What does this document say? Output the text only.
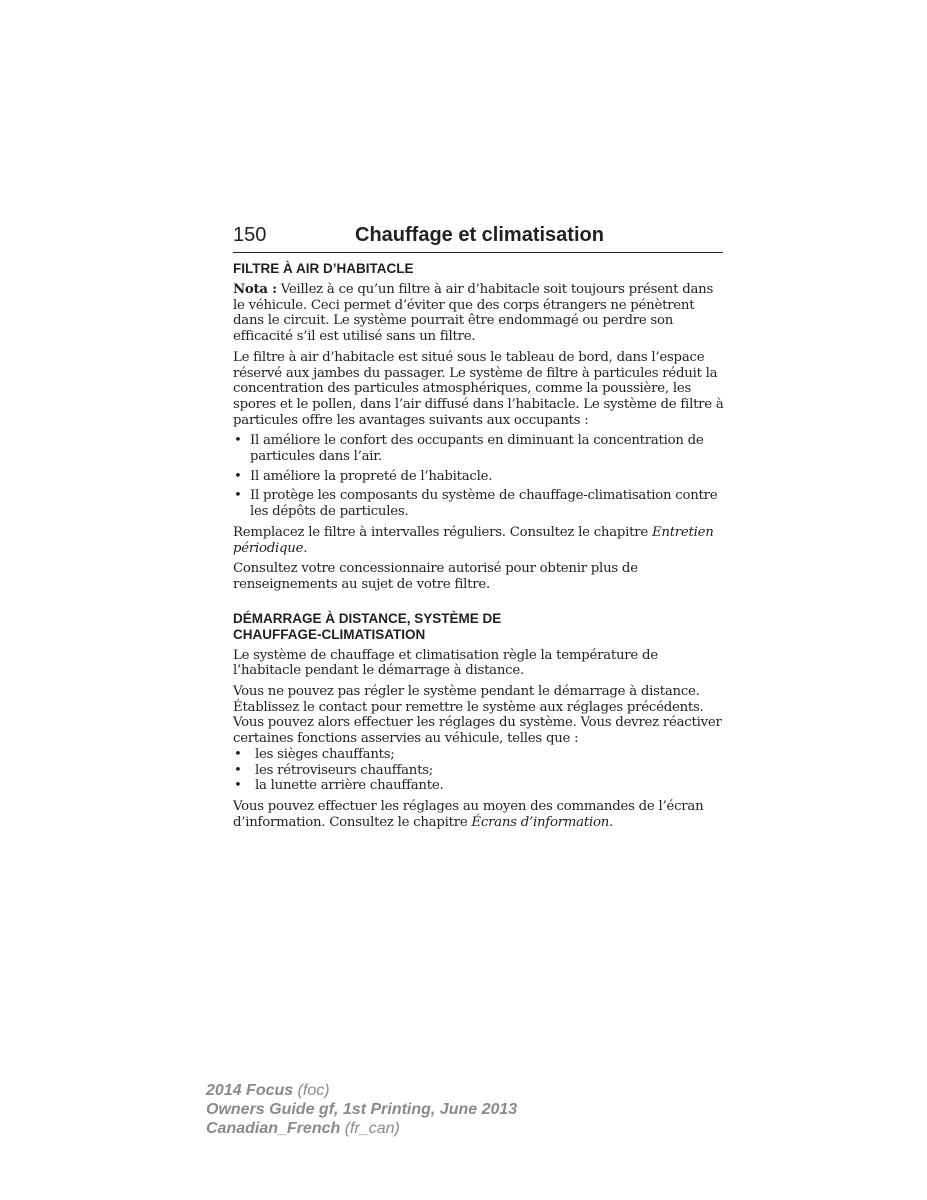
150	Chauffage et climatisation
FILTRE À AIR D’HABITACLE

Nota : Veillez à ce qu’un filtre à air d’habitacle soit toujours présent dans le véhicule. Ceci permet d’éviter que des corps étrangers ne pénètrent dans le circuit. Le système pourrait être endommagé ou perdre son efficacité s’il est utilisé sans un filtre.

Le filtre à air d’habitacle est situé sous le tableau de bord, dans l’espace réservé aux jambes du passager. Le système de filtre à particules réduit la concentration des particules atmosphériques, comme la poussière, les spores et le pollen, dans l’air diffusé dans l’habitacle. Le système de filtre à particules offre les avantages suivants aux occupants :

• Il améliore le confort des occupants en diminuant la concentration de particules dans l’air.
• Il améliore la propreté de l’habitacle.
• Il protège les composants du système de chauffage-climatisation contre les dépôts de particules.

Remplacez le filtre à intervalles réguliers. Consultez le chapitre Entretien périodique.

Consultez votre concessionnaire autorisé pour obtenir plus de renseignements au sujet de votre filtre.

DÉMARRAGE À DISTANCE, SYSTÈME DE CHAUFFAGE-CLIMATISATION

Le système de chauffage et climatisation règle la température de l’habitacle pendant le démarrage à distance.

Vous ne pouvez pas régler le système pendant le démarrage à distance. Établissez le contact pour remettre le système aux réglages précédents. Vous pouvez alors effectuer les réglages du système. Vous devrez réactiver certaines fonctions asservies au véhicule, telles que :

• les sièges chauffants;
• les rétroviseurs chauffants;
• la lunette arrière chauffante.

Vous pouvez effectuer les réglages au moyen des commandes de l’écran d’information. Consultez le chapitre Écrans d’information.

2014 Focus (foc)
Owners Guide gf, 1st Printing, June 2013
Canadian_French (fr_can)
